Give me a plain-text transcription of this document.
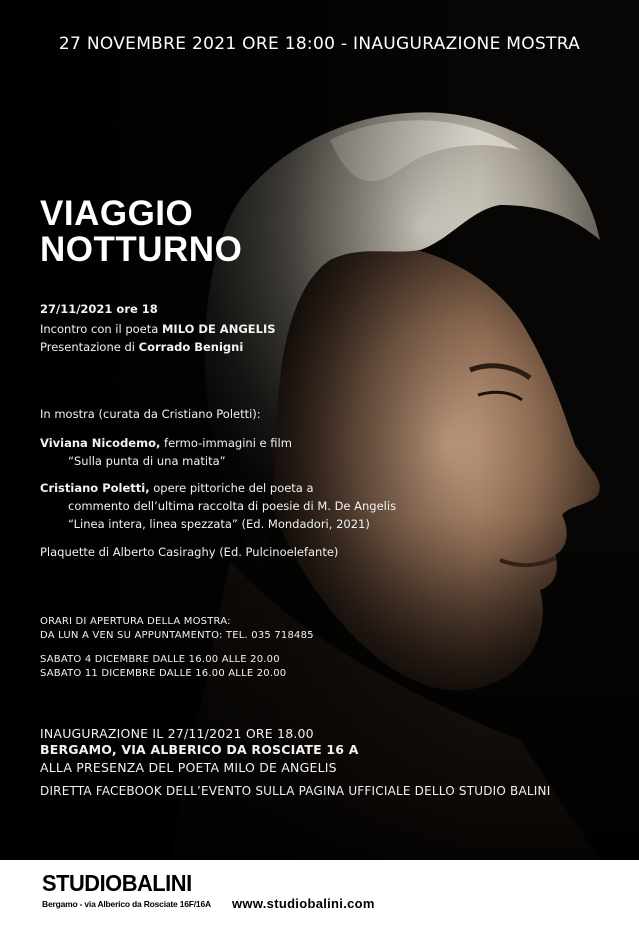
27 NOVEMBRE 2021 ORE 18:00 - INAUGURAZIONE MOSTRA
VIAGGIO
NOTTURNO
27/11/2021 ore 18
Incontro con il poeta MILO DE ANGELIS
Presentazione di Corrado Benigni
In mostra (curata da Cristiano Poletti):
Viviana Nicodemo, fermo-immagini e film
“Sulla punta di una matita”
Cristiano Poletti, opere pittoriche del poeta a
commento dell’ultima raccolta di poesie di M. De Angelis
“Linea intera, linea spezzata” (Ed. Mondadori, 2021)
Plaquette di Alberto Casiraghy (Ed. Pulcinoelefante)
ORARI DI APERTURA DELLA MOSTRA:
DA LUN A VEN SU APPUNTAMENTO: TEL. 035 718485
SABATO 4 DICEMBRE DALLE 16.00 ALLE 20.00
SABATO 11 DICEMBRE DALLE 16.00 ALLE 20.00
INAUGURAZIONE IL 27/11/2021 ORE 18.00
BERGAMO, VIA ALBERICO DA ROSCIATE 16 A
ALLA PRESENZA DEL POETA MILO DE ANGELIS
DIRETTA FACEBOOK DELL’EVENTO SULLA PAGINA UFFICIALE DELLO STUDIO BALINI
STUDIOBALINI
Bergamo - via Alberico da Rosciate 16F/16A www.studiobalini.com
